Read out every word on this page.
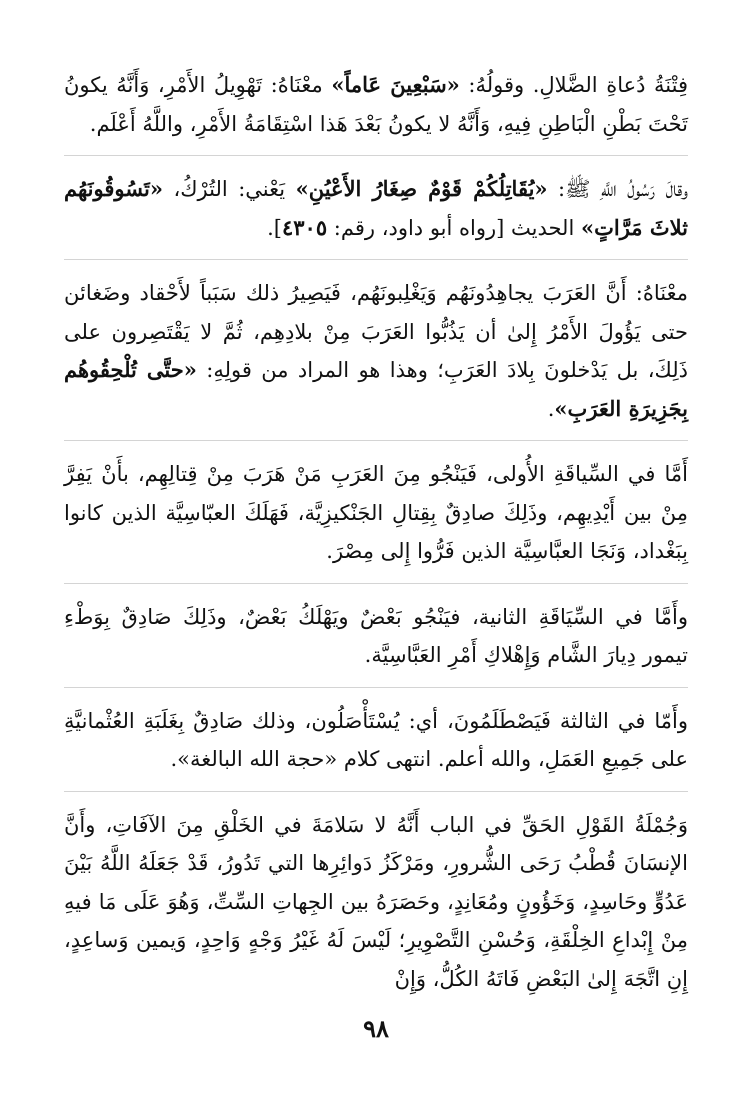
فِتْنَةُ دُعاةِ الضَّلالِ. وقولُهُ: «سَبْعِينَ عَاماً» معْنَاهُ: تَهْوِيلُ الأَمْرِ، وَأَنَّهُ يكونُ تَحْتَ بَطْنِ الْبَاطِنِ فِيهِ، وَأَنَّهُ لا يكونُ بَعْدَ هَذا اسْتِقَامَةُ الأَمْرِ، واللَّهُ أَعْلَم.

وقالَ رَسُولُ اللَّهِ ﷺ: «يُقَاتِلُكُمْ قَوْمٌ صِغَارُ الأَعْيُنِ» يَعْني: التُرْكُ، «تَسُوقُونَهُم ثلاثَ مَرَّاتٍ» الحديث [رواه أبو داود، رقم: ٤٣٠٥].

معْنَاهُ: أَنَّ العَرَبَ يجاهِدُونَهُم وَيَغْلِبونَهُم، فَيَصِيرُ ذلك سَبَباً لأَحْقاد وضَغائن حتى يَؤُولَ الأَمْرُ إِلىٰ أن يَذُبُّوا العَرَبَ مِنْ بلادِهِم، ثُمَّ لا يَقْتَصِرون على ذَلِكَ، بل يَدْخلونَ بِلادَ العَرَبِ؛ وهذا هو المراد من قولِهِ: «حتَّى تُلْحِقُوهُم بِجَزِيرَةِ العَرَبِ».

أَمَّا في السِّياقَةِ الأُولى، فَيَنْجُو مِنَ العَرَبِ مَنْ هَرَبَ مِنْ قِتالِهِم، بأَنْ يَفِرَّ مِنْ بين أَيْدِيهِم، وذَلِكَ صادِقٌ بِقِتالِ الجَنْكيزِيَّة، فَهَلَكَ العبّاسِيَّة الذين كانوا بِبَغْداد، وَنَجَا العبَّاسِيَّة الذين فَرُّوا إِلى مِصْرَ.

وأَمَّا في السِّيَاقَةِ الثانية، فيَنْجُو بَعْضٌ ويَهْلَكُ بَعْضٌ، وذَلِكَ صَادِقٌ بِوَطْءِ تيمور دِيارَ الشَّام وَإِهْلاكِ أَمْرِ العَبَّاسِيَّة.

وأَمّا في الثالثة فَيَصْطَلَمُونَ، أي: يُسْتَأْصَلُون، وذلك صَادِقٌ بِغَلَبَةِ العُثْمانيَّةِ على جَمِيعِ العَمَلِ، والله أعلم. انتهى كلام «حجة الله البالغة».

وَجُمْلَةُ القَوْلِ الحَقِّ في الباب أَنَّهُ لا سَلامَةَ في الخَلْقِ مِنَ الآفَاتِ، وأَنَّ الإنسَانَ قُطْبُ رَحَى الشُّرورِ، ومَرْكَزُ دَوائِرِها التي تَدُورُ، قَدْ جَعَلَهُ اللَّهُ بَيْنَ عَدُوٍّ وحَاسِدٍ، وَخَؤُونٍ ومُعَانِدٍ، وحَصَرَهُ بين الجِهاتِ السِّتِّ، وَهُوَ عَلَى مَا فيهِ مِنْ إِبْداعِ الخِلْقَةِ، وَحُسْنِ التَّصْوِيرِ؛ لَيْسَ لَهُ غَيْرُ وَجْهٍ وَاحِدٍ، وَيمين وَساعِدٍ، إِنِ اتَّجَهَ إِلىٰ البَعْضِ فَاتَهُ الكُلُّ، وَإِنْ

٩٨
